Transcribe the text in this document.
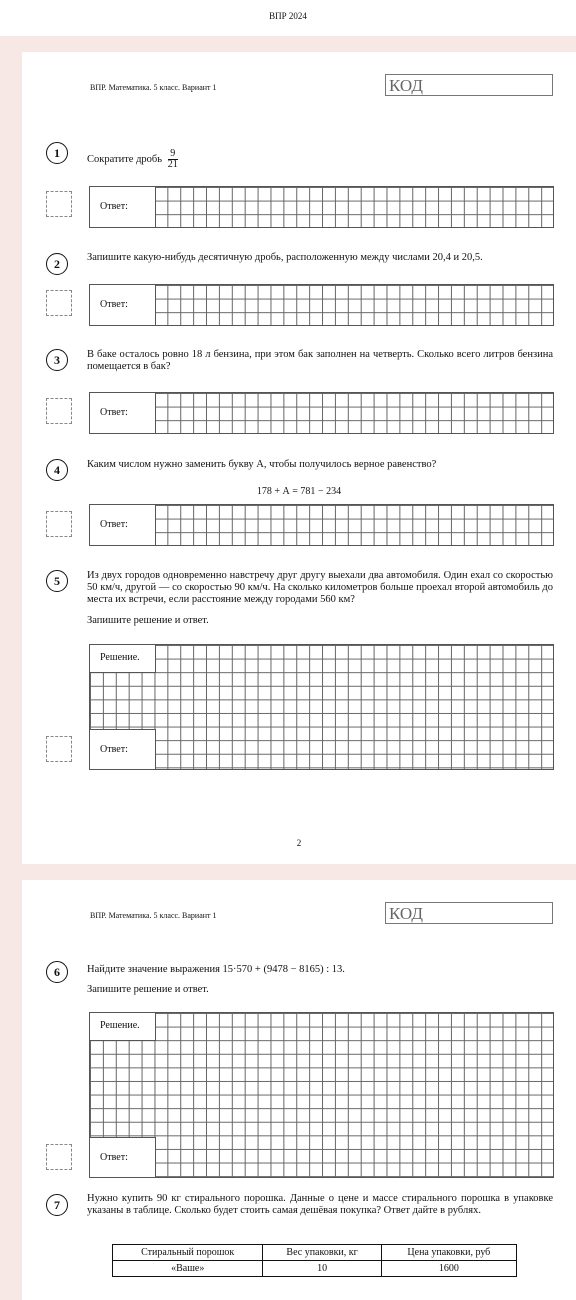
ВПР 2024
ВПР. Математика. 5 класс. Вариант 1	КОД
1	Сократите дробь $\frac{9}{21}$
Ответ:
2	Запишите какую-нибудь десятичную дробь, расположенную между числами 20,4 и 20,5.
Ответ:
3	В баке осталось ровно 18 л бензина, при этом бак заполнен на четверть. Сколько всего литров бензина помещается в бак?
Ответ:
4	Каким числом нужно заменить букву А, чтобы получилось верное равенство?
178 + А = 781 − 234
Ответ:
5	Из двух городов одновременно навстречу друг другу выехали два автомобиля. Один ехал со скоростью 50 км/ч, другой — со скоростью 90 км/ч. На сколько километров больше проехал второй автомобиль до места их встречи, если расстояние между городами 560 км?
Запишите решение и ответ.
Решение.
Ответ:
2
ВПР. Математика. 5 класс. Вариант 1	КОД
6	Найдите значение выражения 15·570 + (9478 − 8165) : 13.
Запишите решение и ответ.
Решение.
Ответ:
7	Нужно купить 90 кг стирального порошка. Данные о цене и массе стирального порошка в упаковке указаны в таблице. Сколько будет стоить самая дешёвая покупка? Ответ дайте в рублях.
Стиральный порошок	Вес упаковки, кг	Цена упаковки, руб
«Ваше»	10	1600
